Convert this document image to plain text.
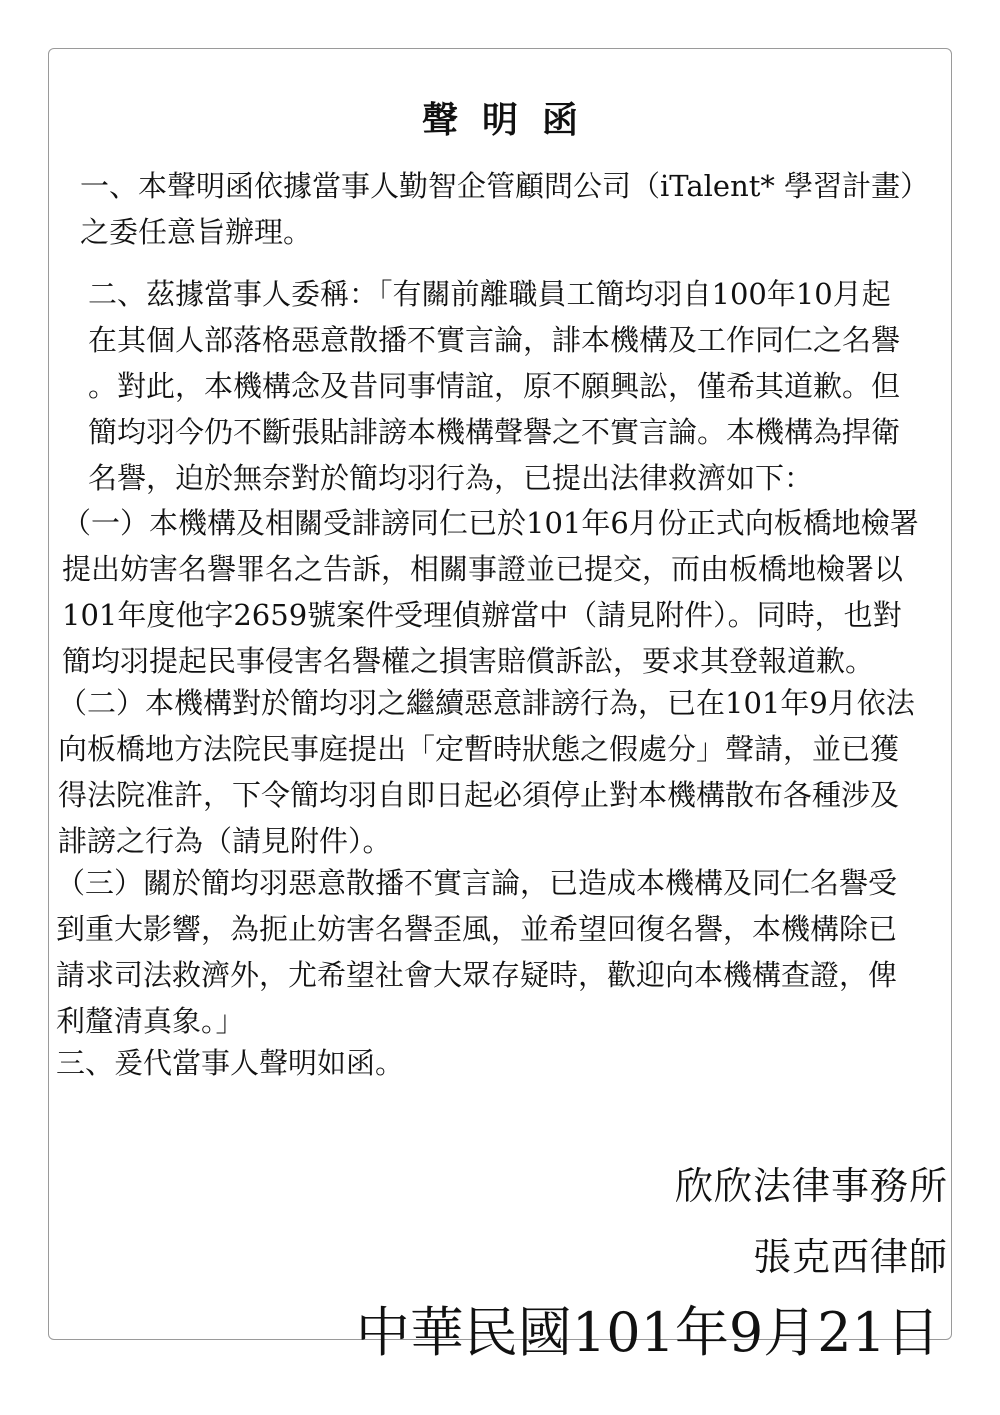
聲明函
一、本聲明函依據當事人勤智企管顧問公司（iTalent* 學習計畫）
之委任意旨辦理。
二、茲據當事人委稱：「有關前離職員工簡均羽自100年10月起
在其個人部落格惡意散播不實言論，誹本機構及工作同仁之名譽
。對此，本機構念及昔同事情誼，原不願興訟，僅希其道歉。但
簡均羽今仍不斷張貼誹謗本機構聲譽之不實言論。本機構為捍衛
名譽，迫於無奈對於簡均羽行為，已提出法律救濟如下：
（一）本機構及相關受誹謗同仁已於101年6月份正式向板橋地檢署
提出妨害名譽罪名之告訴，相關事證並已提交，而由板橋地檢署以
101年度他字2659號案件受理偵辦當中（請見附件）。同時，也對
簡均羽提起民事侵害名譽權之損害賠償訴訟，要求其登報道歉。
（二）本機構對於簡均羽之繼續惡意誹謗行為，已在101年9月依法
向板橋地方法院民事庭提出「定暫時狀態之假處分」聲請，並已獲
得法院准許，下令簡均羽自即日起必須停止對本機構散布各種涉及
誹謗之行為（請見附件）。
（三）關於簡均羽惡意散播不實言論，已造成本機構及同仁名譽受
到重大影響，為扼止妨害名譽歪風，並希望回復名譽，本機構除已
請求司法救濟外，尤希望社會大眾存疑時，歡迎向本機構查證，俾
利釐清真象。」
三、爰代當事人聲明如函。

欣欣法律事務所

張克西律師

中華民國101年9月21日
